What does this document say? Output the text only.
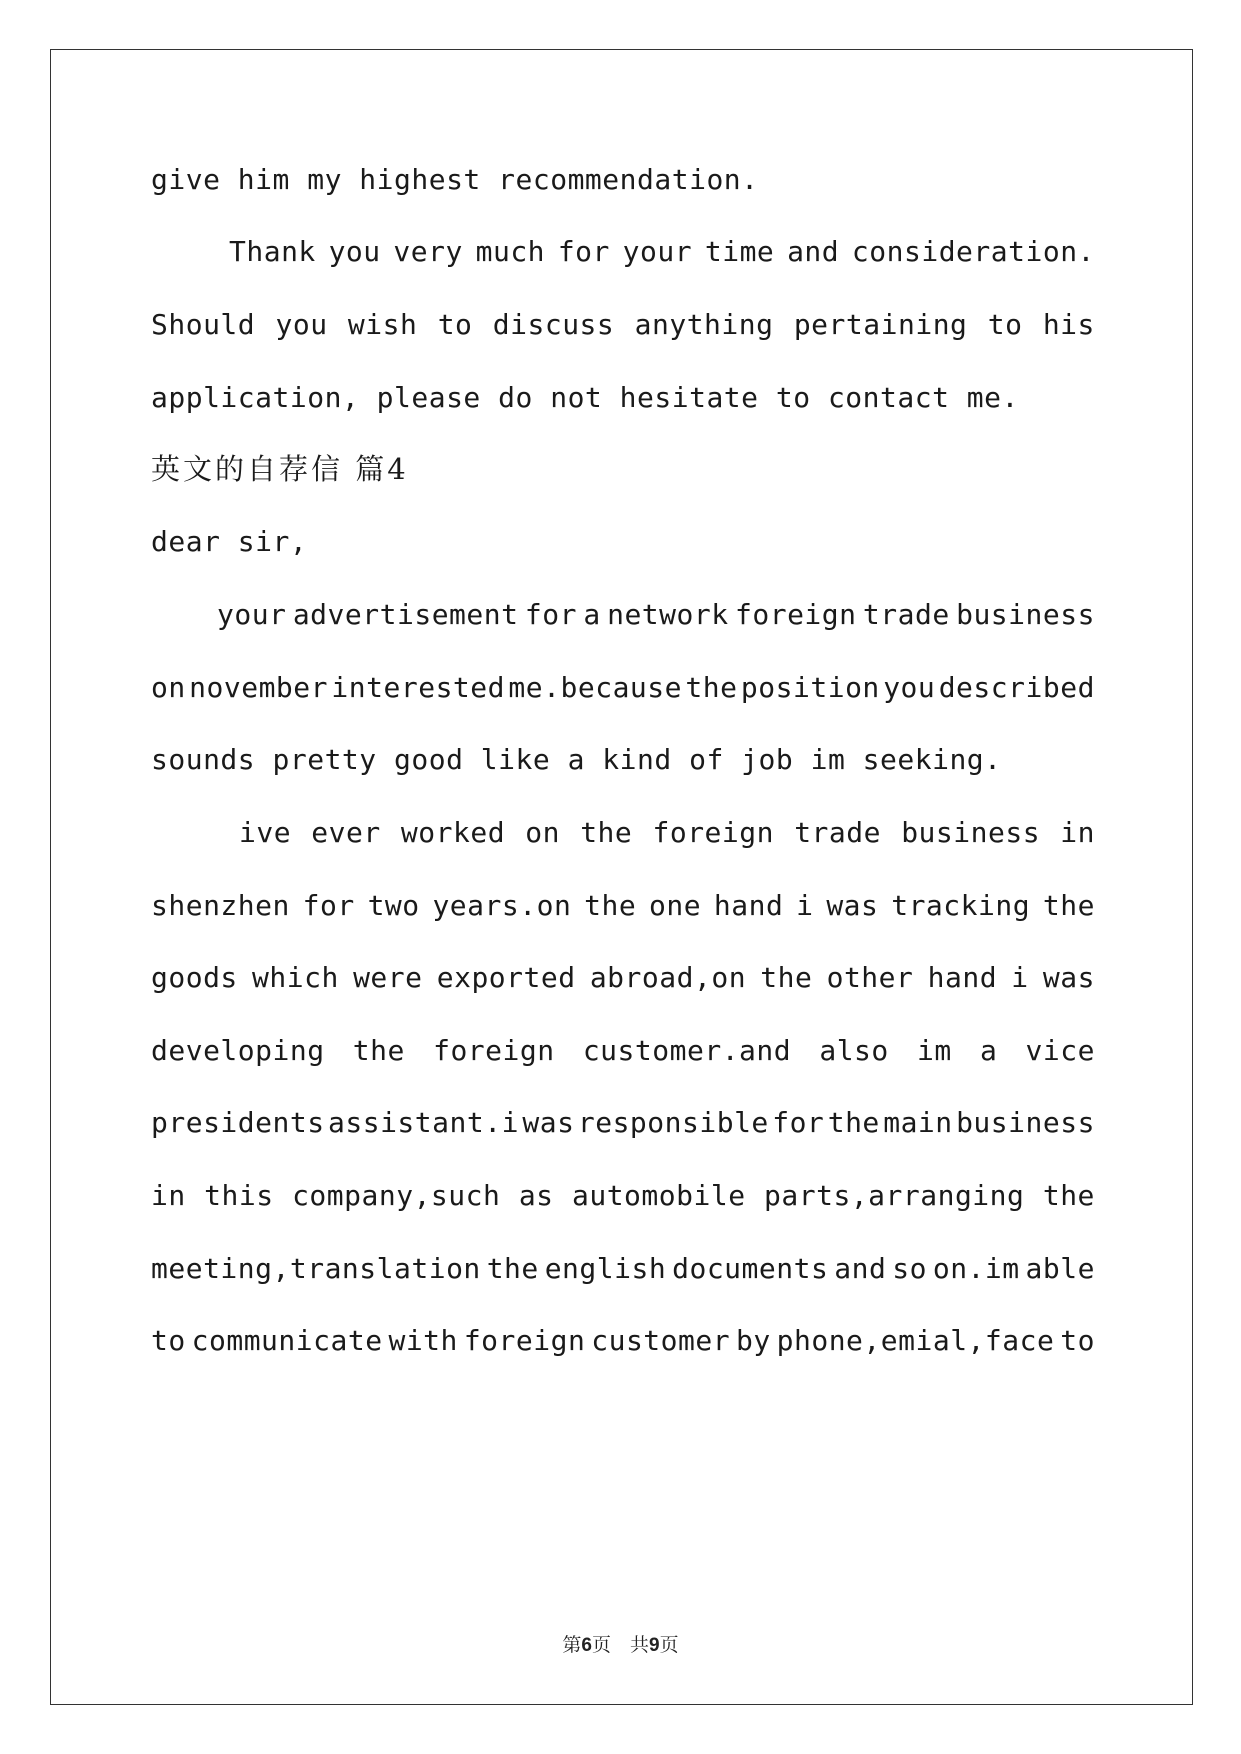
give him my highest recommendation.
Thank you very much for your time and consideration.
Should you wish to discuss anything pertaining to his
application, please do not hesitate to contact me.
英文的自荐信 篇4
dear sir,
your advertisement for a network foreign trade business
on november interested me.because the position you described
sounds pretty good like a kind of job im seeking.
ive ever worked on the foreign trade business in
shenzhen for two years.on the one hand i was tracking the
goods which were exported abroad,on the other hand i was
developing the foreign customer.and also im a vice
presidents assistant.i was responsible for the main business
in this company,such as automobile parts,arranging the
meeting,translation the english documents and so on.im able
to communicate with foreign customer by phone,emial,face to
第6页　共9页
